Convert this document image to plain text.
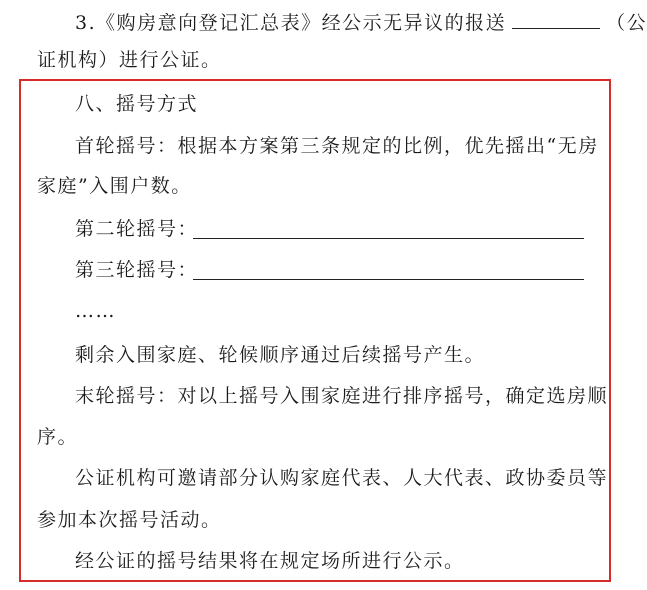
3.《购房意向登记汇总表》经公示无异议的报送	（公
证机构）进行公证。
八、摇号方式
首轮摇号：根据本方案第三条规定的比例，优先摇出“无房
家庭”入围户数。
第二轮摇号：
第三轮摇号：
……
剩余入围家庭、轮候顺序通过后续摇号产生。
末轮摇号：对以上摇号入围家庭进行排序摇号，确定选房顺
序。
公证机构可邀请部分认购家庭代表、人大代表、政协委员等
参加本次摇号活动。
经公证的摇号结果将在规定场所进行公示。
